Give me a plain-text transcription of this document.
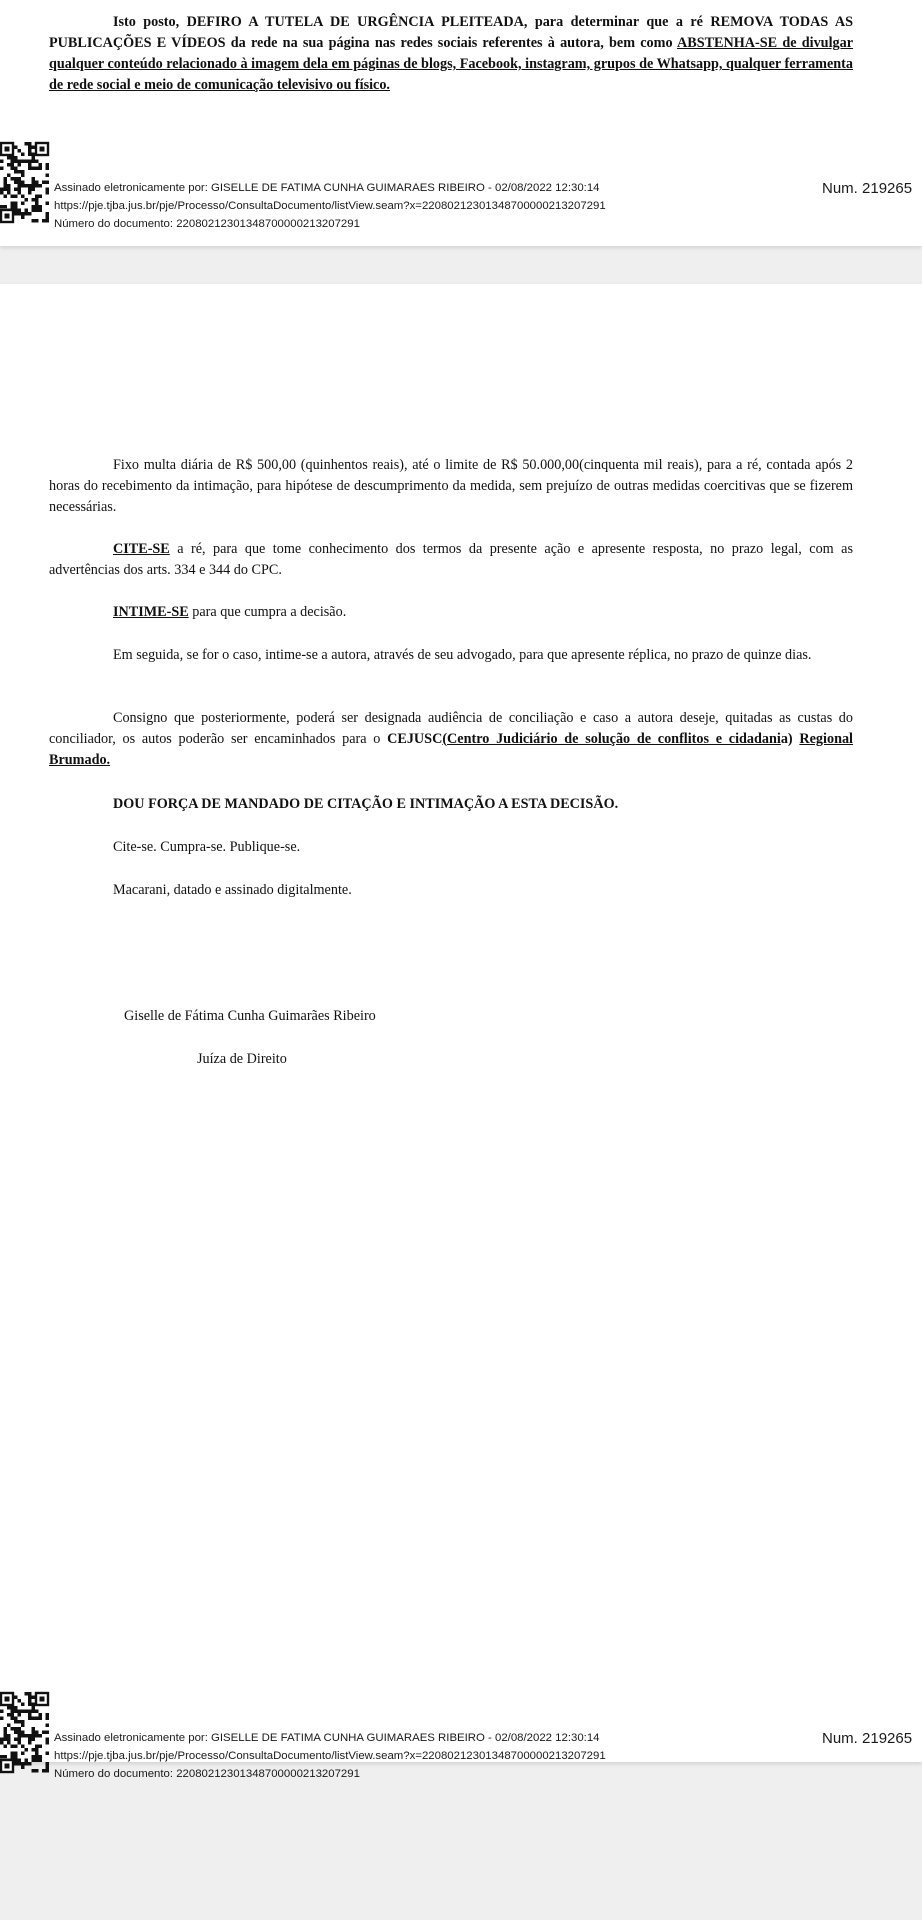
Isto posto, DEFIRO A TUTELA DE URGÊNCIA PLEITEADA, para determinar que a ré REMOVA TODAS AS PUBLICAÇÕES E VÍDEOS da rede na sua página nas redes sociais referentes à autora, bem como ABSTENHA-SE de divulgar qualquer conteúdo relacionado à imagem dela em páginas de blogs, Facebook, instagram, grupos de Whatsapp, qualquer ferramenta de rede social e meio de comunicação televisivo ou físico.

Assinado eletronicamente por: GISELLE DE FATIMA CUNHA GUIMARAES RIBEIRO - 02/08/2022 12:30:14
https://pje.tjba.jus.br/pje/Processo/ConsultaDocumento/listView.seam?x=22080212301348700000213207291
Número do documento: 22080212301348700000213207291
Num. 219265

Fixo multa diária de R$ 500,00 (quinhentos reais), até o limite de R$ 50.000,00(cinquenta mil reais), para a ré, contada após 2 horas do recebimento da intimação, para hipótese de descumprimento da medida, sem prejuízo de outras medidas coercitivas que se fizerem necessárias.

CITE-SE a ré, para que tome conhecimento dos termos da presente ação e apresente resposta, no prazo legal, com as advertências dos arts. 334 e 344 do CPC.

INTIME-SE para que cumpra a decisão.

Em seguida, se for o caso, intime-se a autora, através de seu advogado, para que apresente réplica, no prazo de quinze dias.

Consigno que posteriormente, poderá ser designada audiência de conciliação e caso a autora deseje, quitadas as custas do conciliador, os autos poderão ser encaminhados para o CEJUSC(Centro Judiciário de solução de conflitos e cidadania) Regional Brumado.

DOU FORÇA DE MANDADO DE CITAÇÃO E INTIMAÇÃO A ESTA DECISÃO.

Cite-se. Cumpra-se. Publique-se.

Macarani, datado e assinado digitalmente.

Giselle de Fátima Cunha Guimarães Ribeiro

Juíza de Direito

Assinado eletronicamente por: GISELLE DE FATIMA CUNHA GUIMARAES RIBEIRO - 02/08/2022 12:30:14
https://pje.tjba.jus.br/pje/Processo/ConsultaDocumento/listView.seam?x=22080212301348700000213207291
Número do documento: 22080212301348700000213207291
Num. 219265
